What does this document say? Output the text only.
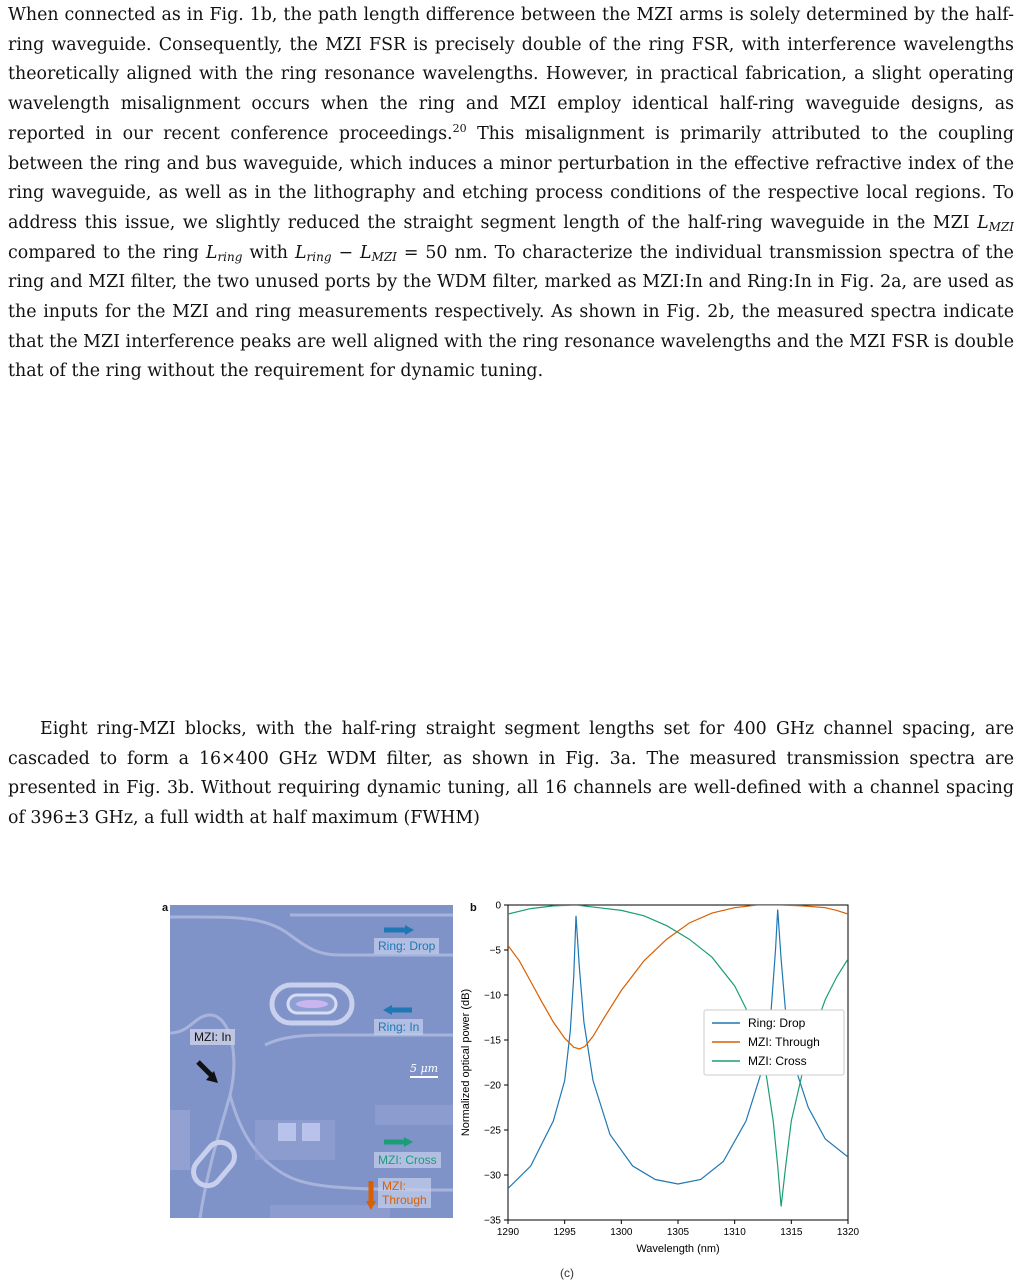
When connected as in Fig. 1b, the path length difference between the MZI arms is solely determined by the half-ring waveguide. Consequently, the MZI FSR is precisely double of the ring FSR, with interference wavelengths theoretically aligned with the ring resonance wavelengths. However, in practical fabrication, a slight operating wavelength misalignment occurs when the ring and MZI employ identical half-ring waveguide designs, as reported in our recent conference proceedings.$^{20}$ This misalignment is primarily attributed to the coupling between the ring and bus waveguide, which induces a minor perturbation in the effective refractive index of the ring waveguide, as well as in the lithography and etching process conditions of the respective local regions. To address this issue, we slightly reduced the straight segment length of the half-ring waveguide in the MZI $L_{MZI}$ compared to the ring $L_{ring}$ with $L_{ring} - L_{MZI} = 50$ nm. To characterize the individual transmission spectra of the ring and MZI filter, the two unused ports by the WDM filter, marked as MZI:In and Ring:In in Fig. 2a, are used as the inputs for the MZI and ring measurements respectively. As shown in Fig. 2b, the measured spectra indicate that the MZI interference peaks are well aligned with the ring resonance wavelengths and the MZI FSR is double that of the ring without the requirement for dynamic tuning.

Eight ring-MZI blocks, with the half-ring straight segment lengths set for 400 GHz channel spacing, are cascaded to form a 16×400 GHz WDM filter, as shown in Fig. 3a. The measured transmission spectra are presented in Fig. 3b. Without requiring dynamic tuning, all 16 channels are well-defined with a channel spacing of 396±3 GHz, a full width at half maximum (FWHM)

a
MZI: In
Ring: Drop
Ring: In
5 μm
MZI: Cross
MZI:
Through
b
1290	1295	1300	1305	1310	1315	1320
0
−5
−10
−15
−20
−25
−30
−35
Wavelength (nm)
Normalized optical power (dB)	Ring: Drop
MZI: Through
MZI: Cross
(c)
